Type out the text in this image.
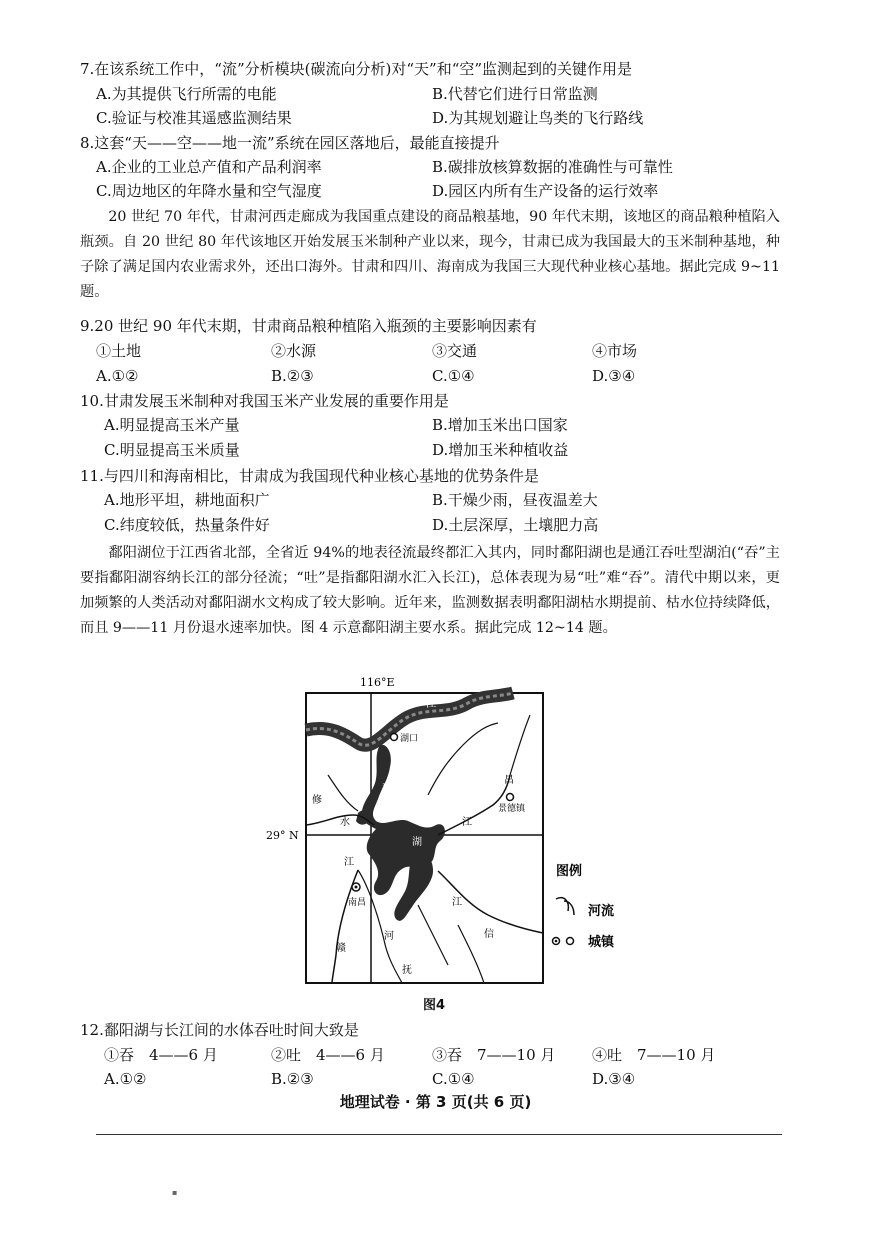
7.在该系统工作中，“流”分析模块(碳流向分析)对“天”和“空”监测起到的关键作用是
A.为其提供飞行所需的电能	B.代替它们进行日常监测
C.验证与校准其遥感监测结果	D.为其规划避让鸟类的飞行路线
8.这套“天——空——地一流”系统在园区落地后，最能直接提升
A.企业的工业总产值和产品利润率	B.碳排放核算数据的准确性与可靠性
C.周边地区的年降水量和空气湿度	D.园区内所有生产设备的运行效率
20 世纪 70 年代，甘肃河西走廊成为我国重点建设的商品粮基地，90 年代末期，该地区的商品粮种植陷入瓶颈。自 20 世纪 80 年代该地区开始发展玉米制种产业以来，现今，甘肃已成为我国最大的玉米制种基地，种子除了满足国内农业需求外，还出口海外。甘肃和四川、海南成为我国三大现代种业核心基地。据此完成 9~11 题。
9.20 世纪 90 年代末期，甘肃商品粮种植陷入瓶颈的主要影响因素有
①土地	②水源	③交通	④市场
A.①②	B.②③	C.①④	D.③④
10.甘肃发展玉米制种对我国玉米产业发展的重要作用是
A.明显提高玉米产量	B.增加玉米出口国家
C.明显提高玉米质量	D.增加玉米种植收益
11.与四川和海南相比，甘肃成为我国现代种业核心基地的优势条件是
A.地形平坦，耕地面积广	B.干燥少雨，昼夜温差大
C.纬度较低，热量条件好	D.土层深厚，土壤肥力高
鄱阳湖位于江西省北部，全省近 94%的地表径流最终都汇入其内，同时鄱阳湖也是通江吞吐型湖泊(“吞”主要指鄱阳湖容纳长江的部分径流；“吐”是指鄱阳湖水汇入长江)，总体表现为易“吐”难“吞”。清代中期以来，更加频繁的人类活动对鄱阳湖水文构成了较大影响。近年来，监测数据表明鄱阳湖枯水期提前、枯水位持续降低，而且 9——11 月份退水速率加快。图 4 示意鄱阳湖主要水系。据此完成 12~14 题。
116°E
29° N
长
江
湖口
修
水
昌
景德镇
江
阳
湖
鄱
江
南昌	江
信
赣
河
抚
图例
河流
城镇
图4
12.鄱阳湖与长江间的水体吞吐时间大致是
①吞　4——6 月	②吐　4——6 月	③吞　7——10 月 ④吐　7——10 月
A.①②	B.②③	C.①④	D.③④
地理试卷 · 第 3 页(共 6 页)
▪
